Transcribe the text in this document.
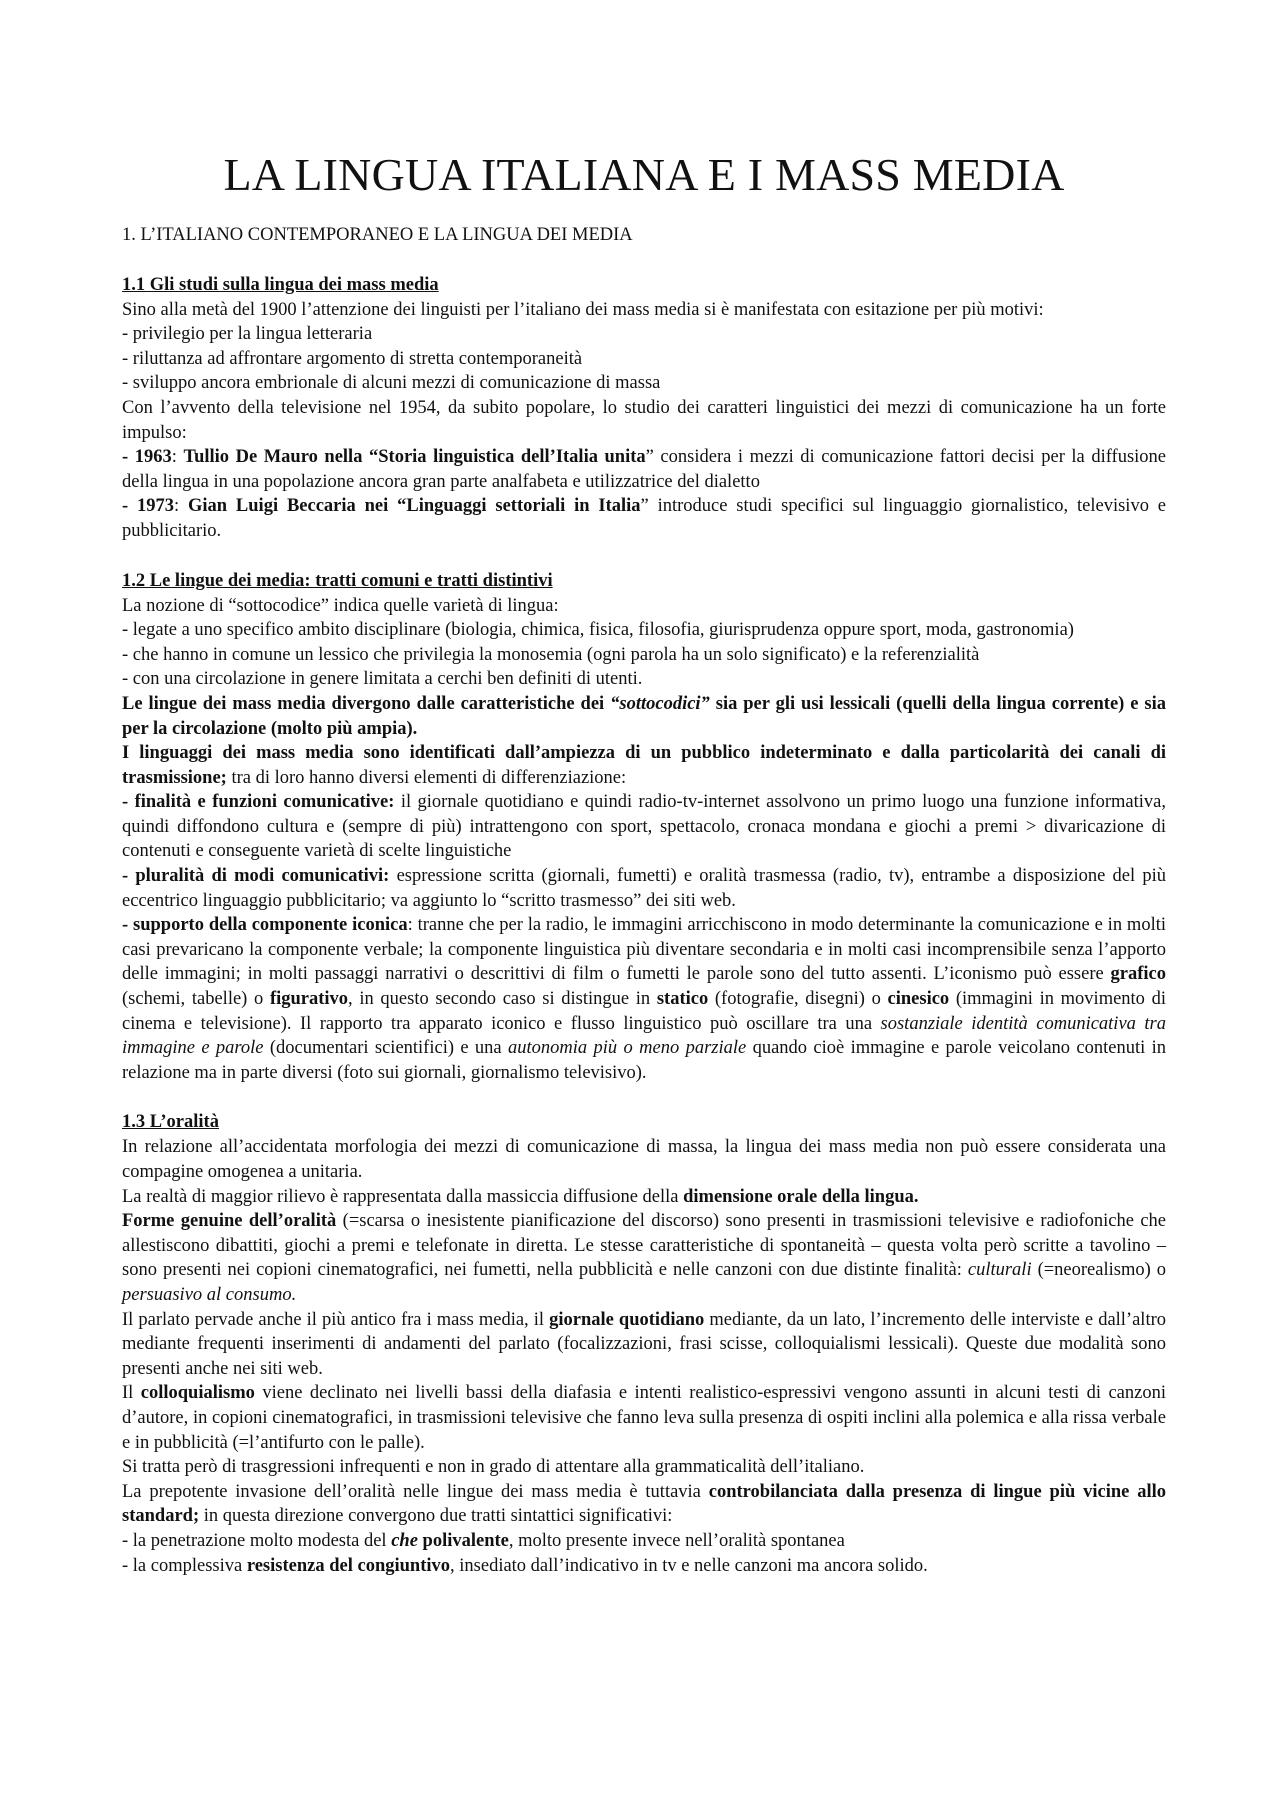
LA LINGUA ITALIANA E I MASS MEDIA
1. L’ITALIANO CONTEMPORANEO E LA LINGUA DEI MEDIA
1.1 Gli studi sulla lingua dei mass media

Sino alla metà del 1900 l’attenzione dei linguisti per l’italiano dei mass media si è manifestata con esitazione per più motivi:

- privilegio per la lingua letteraria

- riluttanza ad affrontare argomento di stretta contemporaneità

- sviluppo ancora embrionale di alcuni mezzi di comunicazione di massa

Con l’avvento della televisione nel 1954, da subito popolare, lo studio dei caratteri linguistici dei mezzi di comunicazione ha un forte impulso:

- 1963: Tullio De Mauro nella “Storia linguistica dell’Italia unita” considera i mezzi di comunicazione fattori decisi per la diffusione della lingua in una popolazione ancora gran parte analfabeta e utilizzatrice del dialetto

- 1973: Gian Luigi Beccaria nei “Linguaggi settoriali in Italia” introduce studi specifici sul linguaggio giornalistico, televisivo e pubblicitario.

1.2 Le lingue dei media: tratti comuni e tratti distintivi

La nozione di “sottocodice” indica quelle varietà di lingua:

- legate a uno specifico ambito disciplinare (biologia, chimica, fisica, filosofia, giurisprudenza oppure sport, moda, gastronomia)

- che hanno in comune un lessico che privilegia la monosemia (ogni parola ha un solo significato) e la referenzialità

- con una circolazione in genere limitata a cerchi ben definiti di utenti.

Le lingue dei mass media divergono dalle caratteristiche dei “sottocodici” sia per gli usi lessicali (quelli della lingua corrente) e sia per la circolazione (molto più ampia).

I linguaggi dei mass media sono identificati dall’ampiezza di un pubblico indeterminato e dalla particolarità dei canali di trasmissione; tra di loro hanno diversi elementi di differenziazione:

- finalità e funzioni comunicative: il giornale quotidiano e quindi radio-tv-internet assolvono un primo luogo una funzione informativa, quindi diffondono cultura e (sempre di più) intrattengono con sport, spettacolo, cronaca mondana e giochi a premi > divaricazione di contenuti e conseguente varietà di scelte linguistiche

- pluralità di modi comunicativi: espressione scritta (giornali, fumetti) e oralità trasmessa (radio, tv), entrambe a disposizione del più eccentrico linguaggio pubblicitario; va aggiunto lo “scritto trasmesso” dei siti web.

- supporto della componente iconica: tranne che per la radio, le immagini arricchiscono in modo determinante la comunicazione e in molti casi prevaricano la componente verbale; la componente linguistica più diventare secondaria e in molti casi incomprensibile senza l’apporto delle immagini; in molti passaggi narrativi o descrittivi di film o fumetti le parole sono del tutto assenti. L’iconismo può essere grafico (schemi, tabelle) o figurativo, in questo secondo caso si distingue in statico (fotografie, disegni) o cinesico (immagini in movimento di cinema e televisione). Il rapporto tra apparato iconico e flusso linguistico può oscillare tra una sostanziale identità comunicativa tra immagine e parole (documentari scientifici) e una autonomia più o meno parziale quando cioè immagine e parole veicolano contenuti in relazione ma in parte diversi (foto sui giornali, giornalismo televisivo).

1.3 L’oralità

In relazione all’accidentata morfologia dei mezzi di comunicazione di massa, la lingua dei mass media non può essere considerata una compagine omogenea a unitaria.

La realtà di maggior rilievo è rappresentata dalla massiccia diffusione della dimensione orale della lingua.

Forme genuine dell’oralità (=scarsa o inesistente pianificazione del discorso) sono presenti in trasmissioni televisive e radiofoniche che allestiscono dibattiti, giochi a premi e telefonate in diretta. Le stesse caratteristiche di spontaneità – questa volta però scritte a tavolino – sono presenti nei copioni cinematografici, nei fumetti, nella pubblicità e nelle canzoni con due distinte finalità: culturali (=neorealismo) o persuasivo al consumo.

Il parlato pervade anche il più antico fra i mass media, il giornale quotidiano mediante, da un lato, l’incremento delle interviste e dall’altro mediante frequenti inserimenti di andamenti del parlato (focalizzazioni, frasi scisse, colloquialismi lessicali). Queste due modalità sono presenti anche nei siti web.

Il colloquialismo viene declinato nei livelli bassi della diafasia e intenti realistico-espressivi vengono assunti in alcuni testi di canzoni d’autore, in copioni cinematografici, in trasmissioni televisive che fanno leva sulla presenza di ospiti inclini alla polemica e alla rissa verbale e in pubblicità (=l’antifurto con le palle).

Si tratta però di trasgressioni infrequenti e non in grado di attentare alla grammaticalità dell’italiano.

La prepotente invasione dell’oralità nelle lingue dei mass media è tuttavia controbilanciata dalla presenza di lingue più vicine allo standard; in questa direzione convergono due tratti sintattici significativi:

- la penetrazione molto modesta del che polivalente, molto presente invece nell’oralità spontanea

- la complessiva resistenza del congiuntivo, insediato dall’indicativo in tv e nelle canzoni ma ancora solido.
